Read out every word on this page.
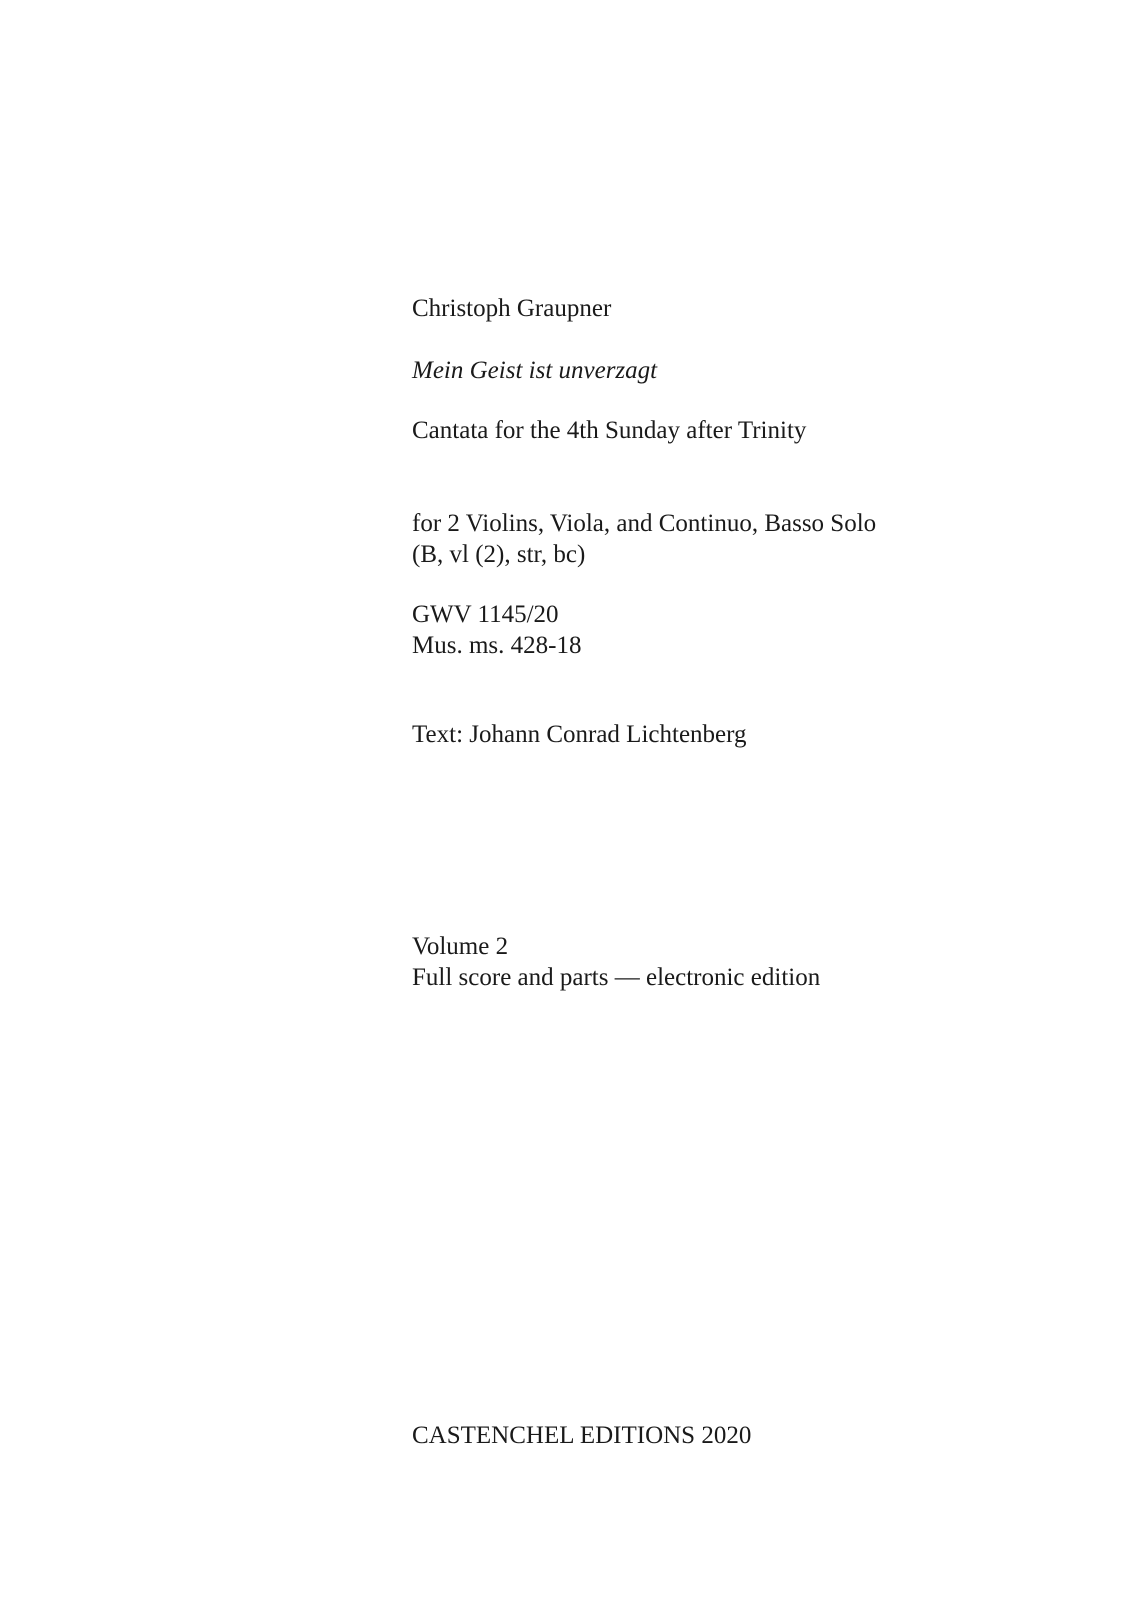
Christoph Graupner
Mein Geist ist unverzagt
Cantata for the 4th Sunday after Trinity
for 2 Violins, Viola, and Continuo, Basso Solo
(B, vl (2), str, bc)
GWV 1145/20
Mus. ms. 428-18
Text: Johann Conrad Lichtenberg
Volume 2
Full score and parts — electronic edition
CASTENCHEL EDITIONS 2020
